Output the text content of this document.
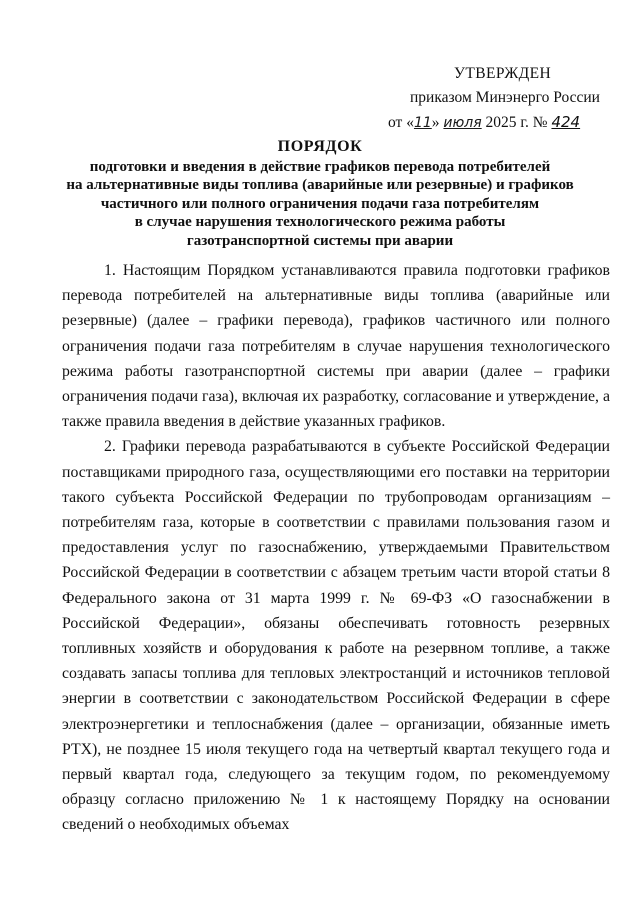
УТВЕРЖДЕН
приказом Минэнерго России
от «11» июля 2025 г. № 424
ПОРЯДОК
подготовки и введения в действие графиков перевода потребителей
на альтернативные виды топлива (аварийные или резервные) и графиков
частичного или полного ограничения подачи газа потребителям
в случае нарушения технологического режима работы
газотранспортной системы при аварии

1. Настоящим Порядком устанавливаются правила подготовки графиков перевода потребителей на альтернативные виды топлива (аварийные или резервные) (далее – графики перевода), графиков частичного или полного ограничения подачи газа потребителям в случае нарушения технологического режима работы газотранспортной системы при аварии (далее – графики ограничения подачи газа), включая их разработку, согласование и утверждение, а также правила введения в действие указанных графиков.

2. Графики перевода разрабатываются в субъекте Российской Федерации поставщиками природного газа, осуществляющими его поставки на территории такого субъекта Российской Федерации по трубопроводам организациям – потребителям газа, которые в соответствии с правилами пользования газом и предоставления услуг по газоснабжению, утверждаемыми Правительством Российской Федерации в соответствии с абзацем третьим части второй статьи 8 Федерального закона от 31 марта 1999 г. № 69-ФЗ «О газоснабжении в Российской Федерации», обязаны обеспечивать готовность резервных топливных хозяйств и оборудования к работе на резервном топливе, а также создавать запасы топлива для тепловых электростанций и источников тепловой энергии в соответствии с законодательством Российской Федерации в сфере электроэнергетики и теплоснабжения (далее – организации, обязанные иметь РТХ), не позднее 15 июля текущего года на четвертый квартал текущего года и первый квартал года, следующего за текущим годом, по рекомендуемому образцу согласно приложению № 1 к настоящему Порядку на основании сведений о необходимых объемах
